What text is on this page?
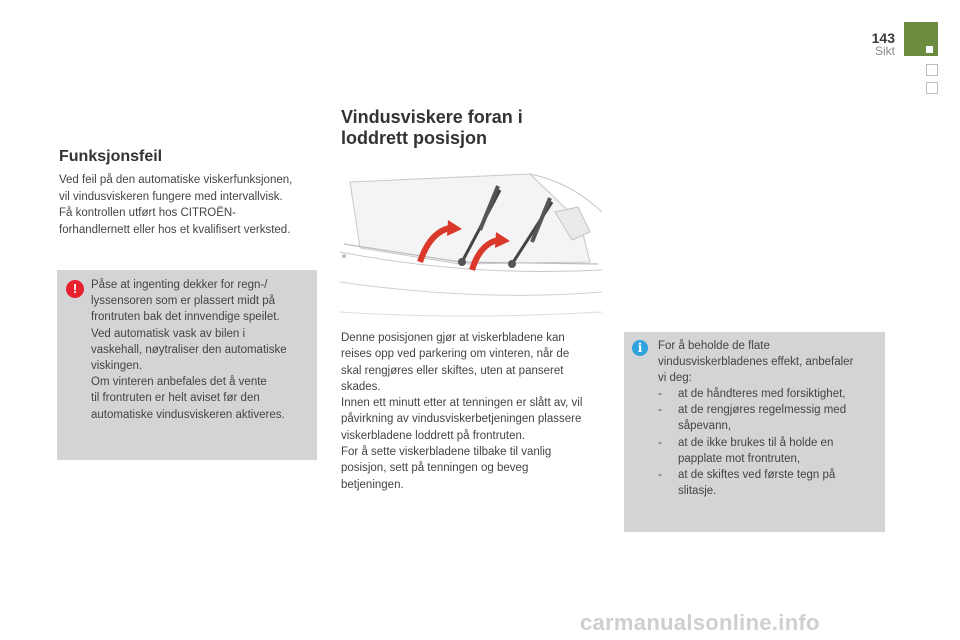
143
Sikt
Funksjonsfeil
Ved feil på den automatiske viskerfunksjonen,
vil vindusviskeren fungere med intervallvisk.
Få kontrollen utført hos CITROËN-
forhandlernett eller hos et kvalifisert verksted.
!	Påse at ingenting dekker for regn-/
lyssensoren som er plassert midt på
frontruten bak det innvendige speilet.
Ved automatisk vask av bilen i
vaskehall, nøytraliser den automatiske
viskingen.
Om vinteren anbefales det å vente
til frontruten er helt aviset før den
automatiske vindusviskeren aktiveres.
Vindusviskere foran i
loddrett posisjon
Denne posisjonen gjør at viskerbladene kan
reises opp ved parkering om vinteren, når de
skal rengjøres eller skiftes, uten at panseret
skades.
Innen ett minutt etter at tenningen er slått av, vil
påvirkning av vindusviskerbetjeningen plassere
viskerbladene loddrett på frontruten.
For å sette viskerbladene tilbake til vanlig
posisjon, sett på tenningen og beveg
betjeningen.
i	For å beholde de flate
vindusviskerbladenes effekt, anbefaler
vi deg:
- at de håndteres med forsiktighet,
- at de rengjøres regelmessig med
såpevann,
- at de ikke brukes til å holde en
papplate mot frontruten,
- at de skiftes ved første tegn på
slitasje.
carmanualsonline.info
